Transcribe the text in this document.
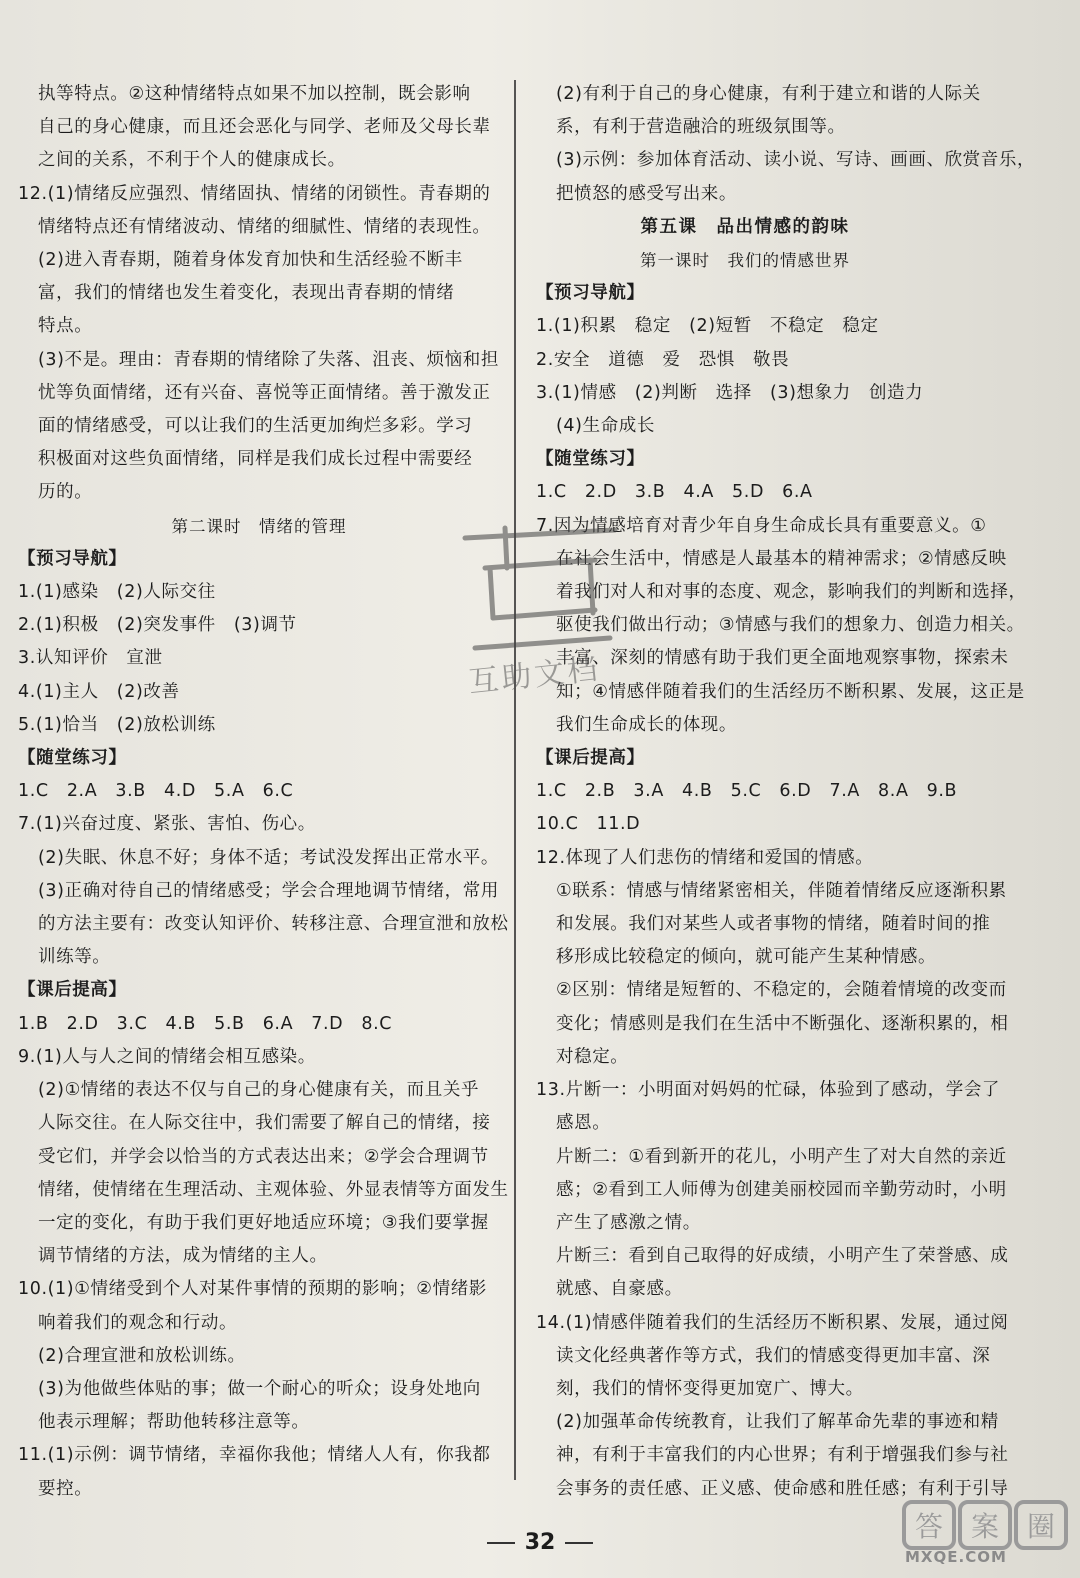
执等特点。②这种情绪特点如果不加以控制，既会影响
自己的身心健康，而且还会恶化与同学、老师及父母长辈
之间的关系，不利于个人的健康成长。
12.(1)情绪反应强烈、情绪固执、情绪的闭锁性。青春期的
情绪特点还有情绪波动、情绪的细腻性、情绪的表现性。
(2)进入青春期，随着身体发育加快和生活经验不断丰
富，我们的情绪也发生着变化，表现出青春期的情绪
特点。
(3)不是。理由：青春期的情绪除了失落、沮丧、烦恼和担
忧等负面情绪，还有兴奋、喜悦等正面情绪。善于激发正
面的情绪感受，可以让我们的生活更加绚烂多彩。学习
积极面对这些负面情绪，同样是我们成长过程中需要经
历的。
第二课时　情绪的管理
【预习导航】
1.(1)感染　(2)人际交往
2.(1)积极　(2)突发事件　(3)调节
3.认知评价　宣泄
4.(1)主人　(2)改善
5.(1)恰当　(2)放松训练
【随堂练习】
1.C　2.A　3.B　4.D　5.A　6.C
7.(1)兴奋过度、紧张、害怕、伤心。
(2)失眠、休息不好；身体不适；考试没发挥出正常水平。
(3)正确对待自己的情绪感受；学会合理地调节情绪，常用
的方法主要有：改变认知评价、转移注意、合理宣泄和放松
训练等。
【课后提高】
1.B　2.D　3.C　4.B　5.B　6.A　7.D　8.C
9.(1)人与人之间的情绪会相互感染。
(2)①情绪的表达不仅与自己的身心健康有关，而且关乎
人际交往。在人际交往中，我们需要了解自己的情绪，接
受它们，并学会以恰当的方式表达出来；②学会合理调节
情绪，使情绪在生理活动、主观体验、外显表情等方面发生
一定的变化，有助于我们更好地适应环境；③我们要掌握
调节情绪的方法，成为情绪的主人。
10.(1)①情绪受到个人对某件事情的预期的影响；②情绪影
响着我们的观念和行动。
(2)合理宣泄和放松训练。
(3)为他做些体贴的事；做一个耐心的听众；设身处地向
他表示理解；帮助他转移注意等。
11.(1)示例：调节情绪，幸福你我他；情绪人人有，你我都
要控。
(2)有利于自己的身心健康，有利于建立和谐的人际关
系，有利于营造融洽的班级氛围等。
(3)示例：参加体育活动、读小说、写诗、画画、欣赏音乐，
把愤怒的感受写出来。
第五课　品出情感的韵味
第一课时　我们的情感世界
【预习导航】
1.(1)积累　稳定　(2)短暂　不稳定　稳定
2.安全　道德　爱　恐惧　敬畏
3.(1)情感　(2)判断　选择　(3)想象力　创造力
(4)生命成长
【随堂练习】
1.C　2.D　3.B　4.A　5.D　6.A
7.因为情感培育对青少年自身生命成长具有重要意义。①
在社会生活中，情感是人最基本的精神需求；②情感反映
着我们对人和对事的态度、观念，影响我们的判断和选择，
驱使我们做出行动；③情感与我们的想象力、创造力相关。
丰富、深刻的情感有助于我们更全面地观察事物，探索未
知；④情感伴随着我们的生活经历不断积累、发展，这正是
我们生命成长的体现。
【课后提高】
1.C　2.B　3.A　4.B　5.C　6.D　7.A　8.A　9.B
10.C　11.D
12.体现了人们悲伤的情绪和爱国的情感。
①联系：情感与情绪紧密相关，伴随着情绪反应逐渐积累
和发展。我们对某些人或者事物的情绪，随着时间的推
移形成比较稳定的倾向，就可能产生某种情感。
②区别：情绪是短暂的、不稳定的，会随着情境的改变而
变化；情感则是我们在生活中不断强化、逐渐积累的，相
对稳定。
13.片断一：小明面对妈妈的忙碌，体验到了感动，学会了
感恩。
片断二：①看到新开的花儿，小明产生了对大自然的亲近
感；②看到工人师傅为创建美丽校园而辛勤劳动时，小明
产生了感激之情。
片断三：看到自己取得的好成绩，小明产生了荣誉感、成
就感、自豪感。
14.(1)情感伴随着我们的生活经历不断积累、发展，通过阅
读文化经典著作等方式，我们的情感变得更加丰富、深
刻，我们的情怀变得更加宽广、博大。
(2)加强革命传统教育，让我们了解革命先辈的事迹和精
神，有利于丰富我们的内心世界；有利于增强我们参与社
会事务的责任感、正义感、使命感和胜任感；有利于引导
互助文档
32	答 案 圈
MXQE.COM
